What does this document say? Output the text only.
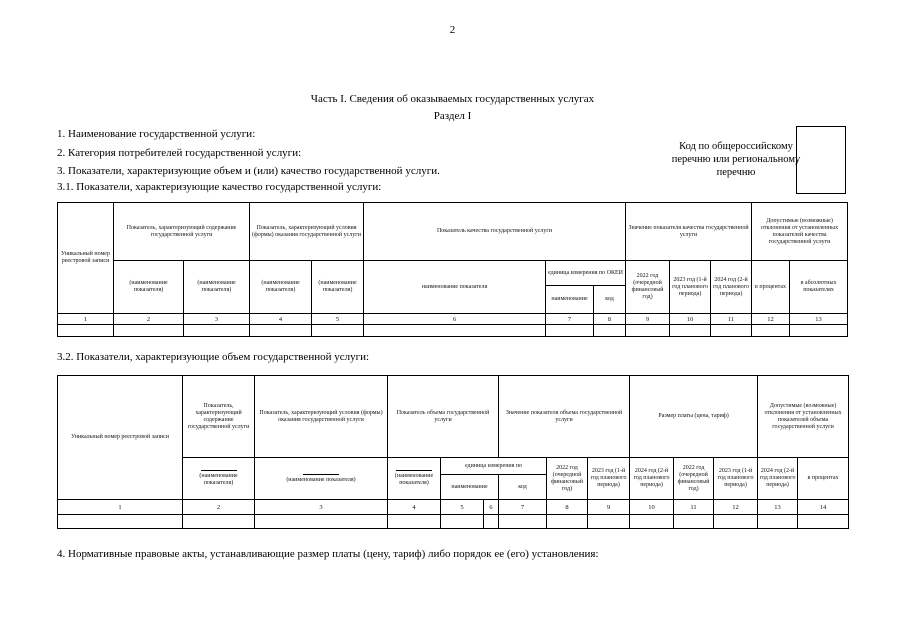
2
Часть I. Сведения об оказываемых государственных услугах
Раздел I
1. Наименование государственной услуги:
2. Категория потребителей государственной услуги:
3. Показатели, характеризующие объем и (или) качество государственной услуги.
3.1. Показатели, характеризующие качество государственной услуги:
Код по общероссийскому перечню или региональному перечню
Уникальный номер реестровой записи	Показатель, характеризующий содержание государственной услуги		Показатель, характеризующий условия (формы) оказания государственной услуги		Показатель качества государственной услуги			Значение показателя качества государственной услуги			Допустимые (возможные) отклонения от установленных показателей качества государственной услуги	
	(наименование показателя)	(наименование показателя)	(наименование показателя)	(наименование показателя)	наименование показателя	единица измерения по ОКЕИ		2022 год (очередной финансовый год)	2023 год (1-й год планового периода)	2024 год (2-й год планового периода)	в процентах	в абсолютных показателях
						наименование	код					
1	2	3	4	5	6	7	8	9	10	11	12	13

3.2. Показатели, характеризующие объем государственной услуги:
Уникальный номер реестровой записи	Показатель, характеризующий содержание государственной услуги	Показатель, характеризующий условия (формы) оказания государственной услуги	Показатель объема государственной услуги			Значение показателя объема государственной услуги			Размер платы (цена, тариф)			Допустимые (возможные) отклонения от установленных показателей объема государственной услуги		

(наименование показателя)	(наименование показателя)	(наименование показателя)	единица измерения по			2022 год (очередной финансовый год)	2023 год (1-й год планового периода)	2024 год (2-й год планового периода)	2022 год (очередной финансовый год)	2023 год (1-й год планового периода)	2024 год (2-й год планового периода)	в процентах	
				наименование		код								
1	2	3	4	5	6	7	8	9	10	11	12	13	14	

4. Нормативные правовые акты, устанавливающие размер платы (цену, тариф) либо порядок ее (его) установления:
